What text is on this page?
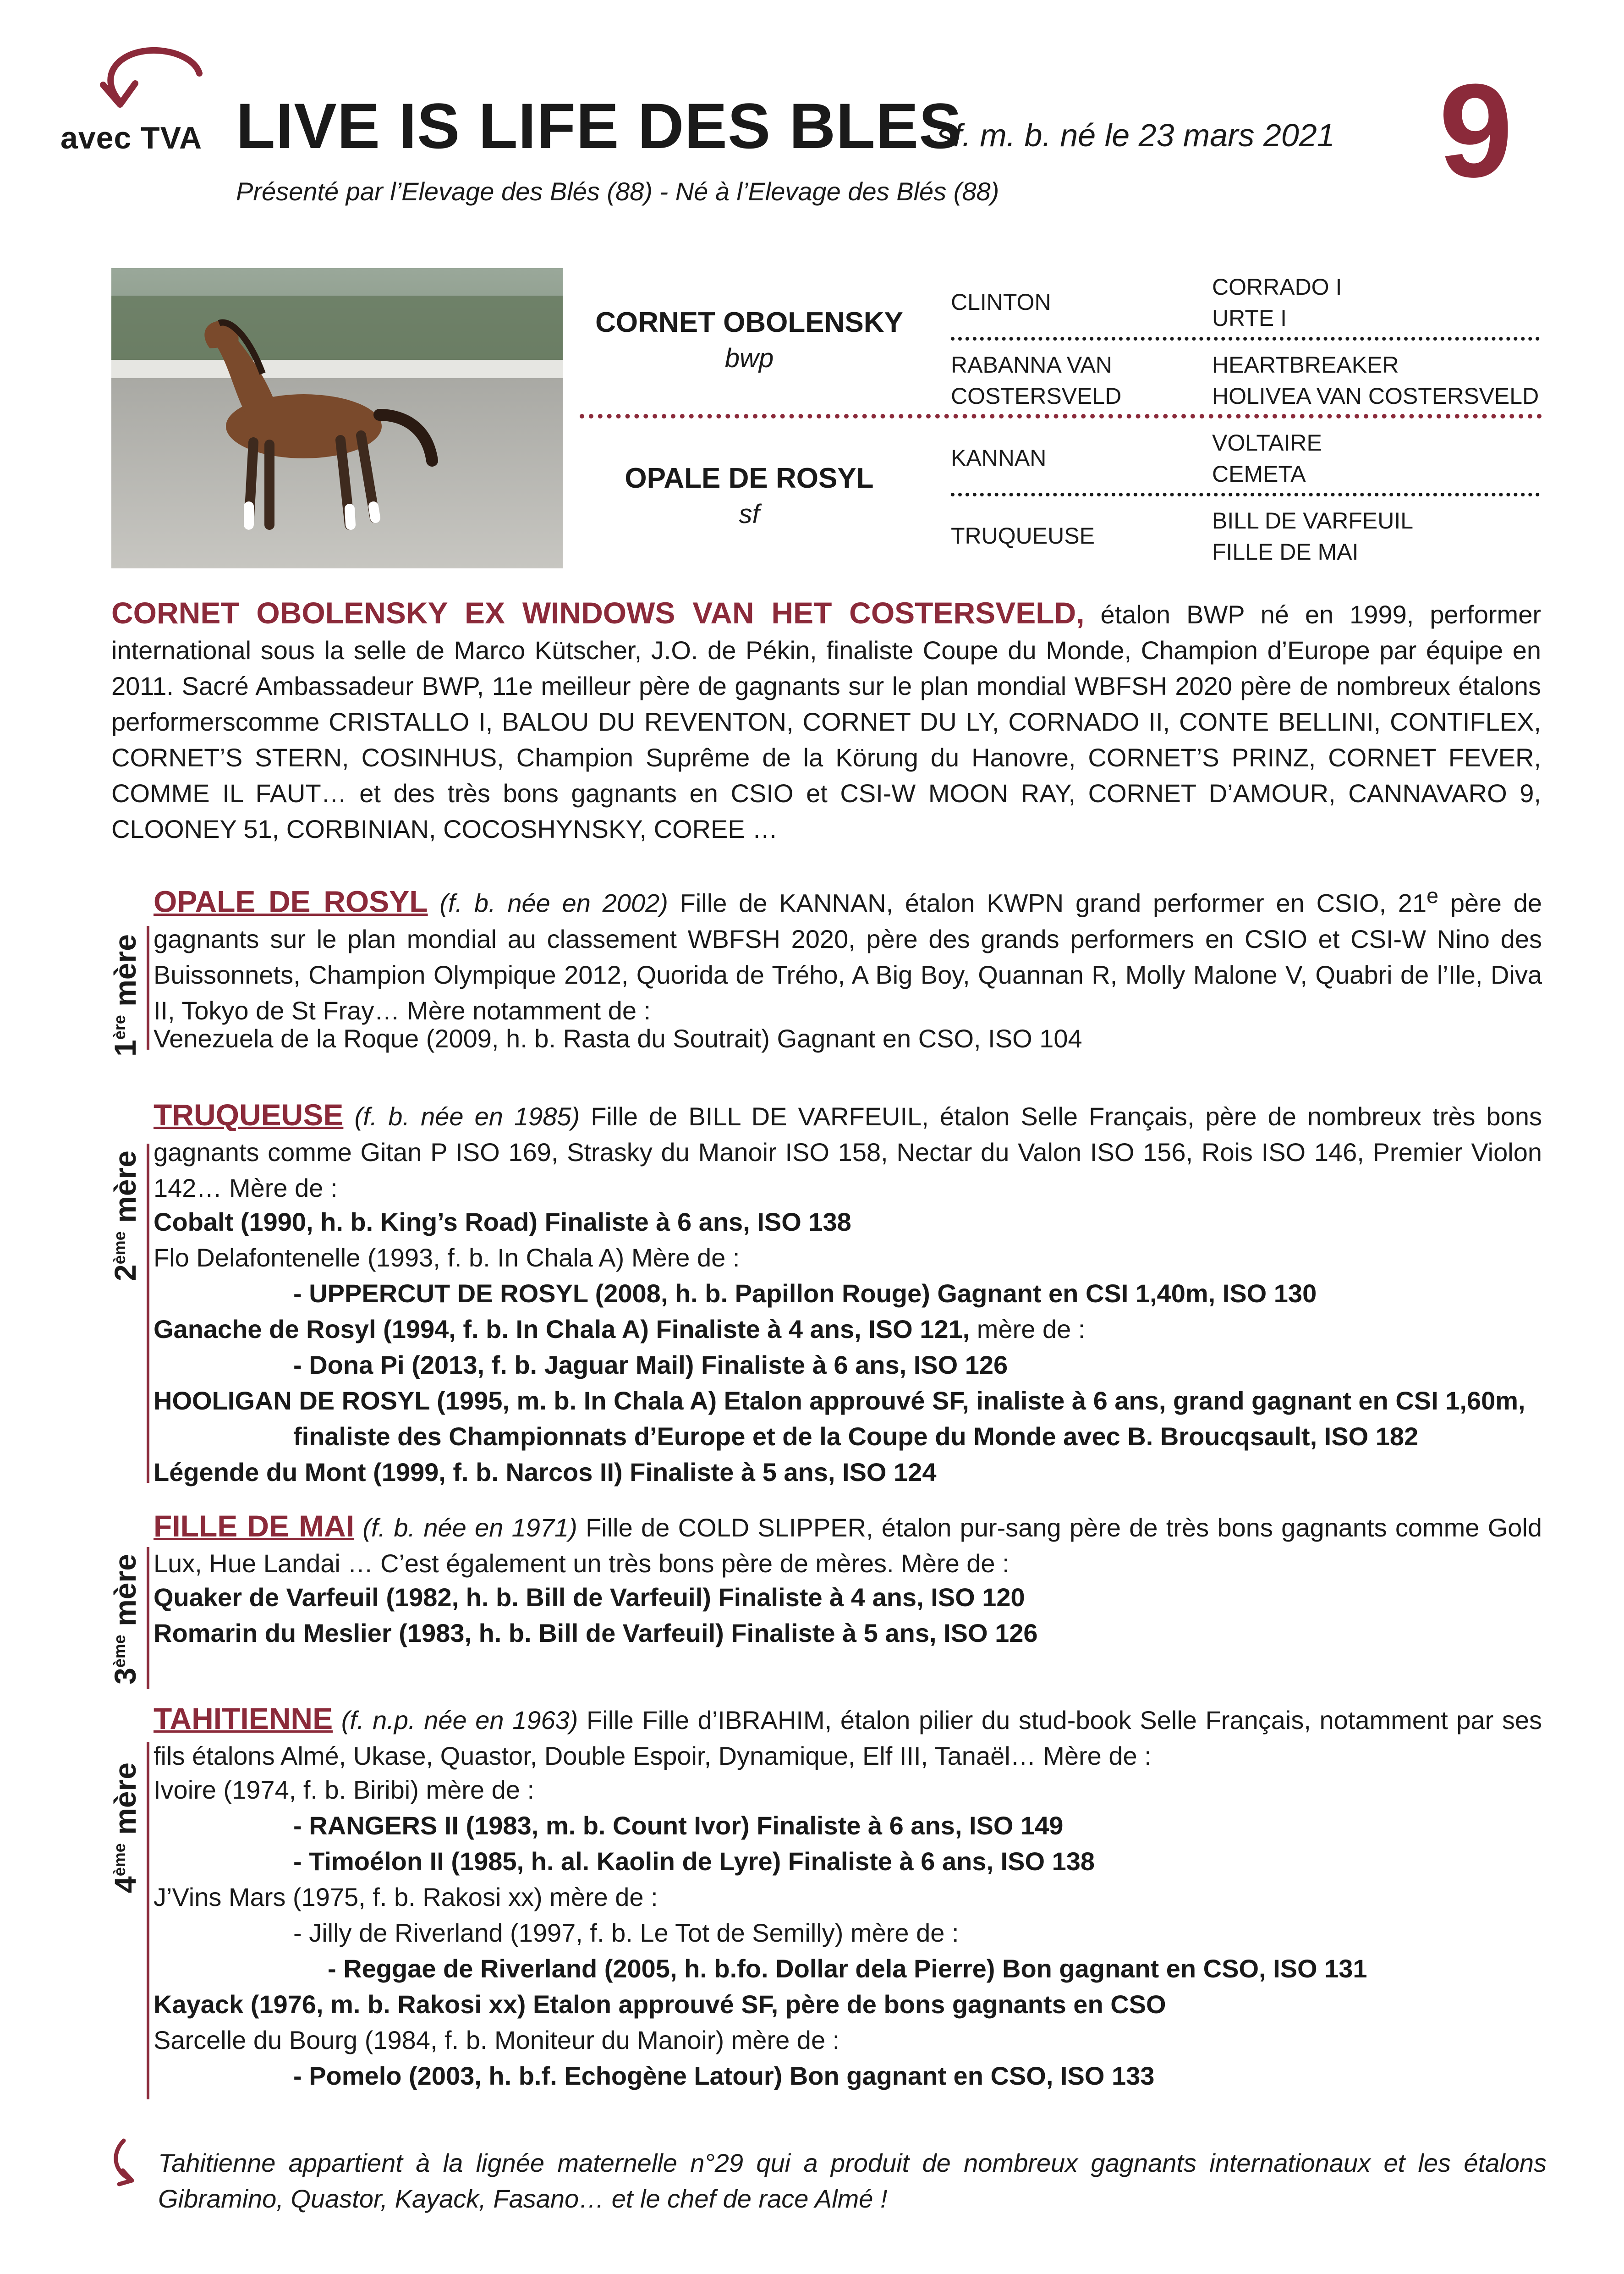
avec TVA LIVE IS LIFE DES BLES
sf. m. b. né le 23 mars 2021 9
Présenté par l’Elevage des Blés (88) - Né à l’Elevage des Blés (88)
CORNET OBOLENSKY
bwp
OPALE DE ROSYL
sf
CLINTON
RABANNA VAN COSTERSVELD
KANNAN
TRUQUEUSE
CORRADO I
URTE I
HEARTBREAKER
HOLIVEA VAN COSTERSVELD
VOLTAIRE
CEMETA
BILL DE VARFEUIL
FILLE DE MAI
CORNET OBOLENSKY EX WINDOWS VAN HET COSTERSVELD, étalon BWP né en 1999, performer international sous la selle de Marco Kütscher, J.O. de Pékin, finaliste Coupe du Monde, Champion d’Europe par équipe en 2011. Sacré Ambassadeur BWP, 11e meilleur père de gagnants sur le plan mondial WBFSH 2020 père de nombreux étalons performerscomme CRISTALLO I, BALOU DU REVENTON, CORNET DU LY, CORNADO II, CONTE BELLINI, CONTIFLEX, CORNET’S STERN, COSINHUS, Champion Suprême de la Körung du Hanovre, CORNET’S PRINZ, CORNET FEVER, COMME IL FAUT… et des très bons gagnants en CSIO et CSI-W MOON RAY, CORNET D’AMOUR, CANNAVARO 9, CLOONEY 51, CORBINIAN, COCOSHYNSKY, COREE …
1ère mère
OPALE DE ROSYL (f. b. née en 2002) Fille de KANNAN, étalon KWPN grand performer en CSIO, 21e père de gagnants sur le plan mondial au classement WBFSH 2020, père des grands performers en CSIO et CSI-W Nino des Buissonnets, Champion Olympique 2012, Quorida de Trého, A Big Boy, Quannan R, Molly Malone V, Quabri de l’Ile, Diva II, Tokyo de St Fray… Mère notamment de :
Venezuela de la Roque (2009, h. b. Rasta du Soutrait) Gagnant en CSO, ISO 104
2ème mère
TRUQUEUSE (f. b. née en 1985) Fille de BILL DE VARFEUIL, étalon Selle Français, père de nombreux très bons gagnants comme Gitan P ISO 169, Strasky du Manoir ISO 158, Nectar du Valon ISO 156, Rois ISO 146, Premier Violon 142… Mère de :
Cobalt (1990, h. b. King’s Road) Finaliste à 6 ans, ISO 138
Flo Delafontenelle (1993, f. b. In Chala A) Mère de :
- UPPERCUT DE ROSYL (2008, h. b. Papillon Rouge) Gagnant en CSI 1,40m, ISO 130
Ganache de Rosyl (1994, f. b. In Chala A) Finaliste à 4 ans, ISO 121, mère de :
- Dona Pi (2013, f. b. Jaguar Mail) Finaliste à 6 ans, ISO 126
HOOLIGAN DE ROSYL (1995, m. b. In Chala A) Etalon approuvé SF, inaliste à 6 ans, grand gagnant en CSI 1,60m,
finaliste des Championnats d’Europe et de la Coupe du Monde avec B. Broucqsault, ISO 182
Légende du Mont (1999, f. b. Narcos II) Finaliste à 5 ans, ISO 124
3ème mère
FILLE DE MAI (f. b. née en 1971) Fille de COLD SLIPPER, étalon pur-sang père de très bons gagnants comme Gold Lux, Hue Landai … C’est également un très bons père de mères. Mère de :
Quaker de Varfeuil (1982, h. b. Bill de Varfeuil) Finaliste à 4 ans, ISO 120
Romarin du Meslier (1983, h. b. Bill de Varfeuil) Finaliste à 5 ans, ISO 126
4ème mère
TAHITIENNE (f. n.p. née en 1963) Fille Fille d’IBRAHIM, étalon pilier du stud-book Selle Français, notamment par ses fils étalons Almé, Ukase, Quastor, Double Espoir, Dynamique, Elf III, Tanaël… Mère de :
Ivoire (1974, f. b. Biribi) mère de :
- RANGERS II (1983, m. b. Count Ivor) Finaliste à 6 ans, ISO 149
- Timoélon II (1985, h. al. Kaolin de Lyre) Finaliste à 6 ans, ISO 138
J’Vins Mars (1975, f. b. Rakosi xx) mère de :
- Jilly de Riverland (1997, f. b. Le Tot de Semilly) mère de :
- Reggae de Riverland (2005, h. b.fo. Dollar dela Pierre) Bon gagnant en CSO, ISO 131
Kayack (1976, m. b. Rakosi xx) Etalon approuvé SF, père de bons gagnants en CSO
Sarcelle du Bourg (1984, f. b. Moniteur du Manoir) mère de :
- Pomelo (2003, h. b.f. Echogène Latour) Bon gagnant en CSO, ISO 133
Tahitienne appartient à la lignée maternelle n°29 qui a produit de nombreux gagnants internationaux et les étalons Gibramino, Quastor, Kayack, Fasano… et le chef de race Almé !
